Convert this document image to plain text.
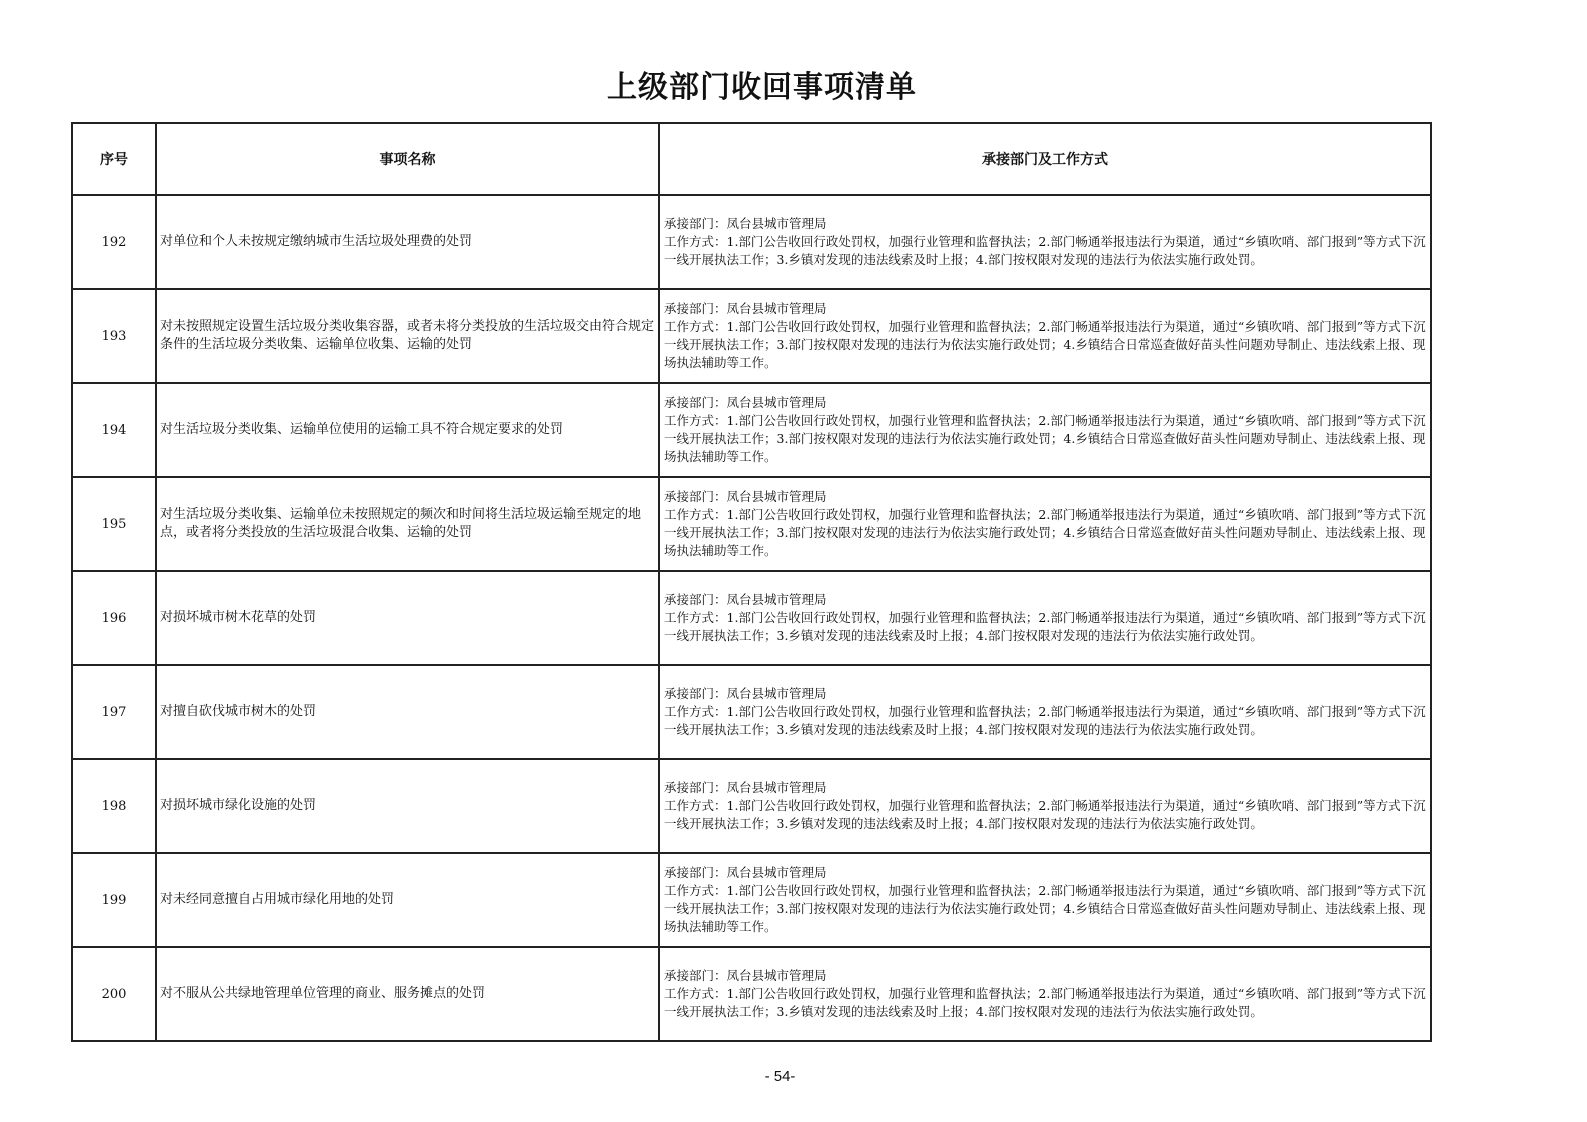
上级部门收回事项清单
序号	事项名称	承接部门及工作方式
192	对单位和个人未按规定缴纳城市生活垃圾处理费的处罚	承接部门：凤台县城市管理局
工作方式：1.部门公告收回行政处罚权，加强行业管理和监督执法；2.部门畅通举报违法行为渠道，通过“乡镇吹哨、部门报到”等方式下沉一线开展执法工作；3.乡镇对发现的违法线索及时上报；4.部门按权限对发现的违法行为依法实施行政处罚。

193	对未按照规定设置生活垃圾分类收集容器，或者未将分类投放的生活垃圾交由符合规定条件的生活垃圾分类收集、运输单位收集、运输的处罚	承接部门：凤台县城市管理局
工作方式：1.部门公告收回行政处罚权，加强行业管理和监督执法；2.部门畅通举报违法行为渠道，通过“乡镇吹哨、部门报到”等方式下沉一线开展执法工作；3.部门按权限对发现的违法行为依法实施行政处罚；4.乡镇结合日常巡查做好苗头性问题劝导制止、违法线索上报、现场执法辅助等工作。

194	对生活垃圾分类收集、运输单位使用的运输工具不符合规定要求的处罚	承接部门：凤台县城市管理局
工作方式：1.部门公告收回行政处罚权，加强行业管理和监督执法；2.部门畅通举报违法行为渠道，通过“乡镇吹哨、部门报到”等方式下沉一线开展执法工作；3.部门按权限对发现的违法行为依法实施行政处罚；4.乡镇结合日常巡查做好苗头性问题劝导制止、违法线索上报、现场执法辅助等工作。

195	对生活垃圾分类收集、运输单位未按照规定的频次和时间将生活垃圾运输至规定的地点，或者将分类投放的生活垃圾混合收集、运输的处罚	承接部门：凤台县城市管理局
工作方式：1.部门公告收回行政处罚权，加强行业管理和监督执法；2.部门畅通举报违法行为渠道，通过“乡镇吹哨、部门报到”等方式下沉一线开展执法工作；3.部门按权限对发现的违法行为依法实施行政处罚；4.乡镇结合日常巡查做好苗头性问题劝导制止、违法线索上报、现场执法辅助等工作。

196	对损坏城市树木花草的处罚	承接部门：凤台县城市管理局
工作方式：1.部门公告收回行政处罚权，加强行业管理和监督执法；2.部门畅通举报违法行为渠道，通过“乡镇吹哨、部门报到”等方式下沉一线开展执法工作；3.乡镇对发现的违法线索及时上报；4.部门按权限对发现的违法行为依法实施行政处罚。

197	对擅自砍伐城市树木的处罚	承接部门：凤台县城市管理局
工作方式：1.部门公告收回行政处罚权，加强行业管理和监督执法；2.部门畅通举报违法行为渠道，通过“乡镇吹哨、部门报到”等方式下沉一线开展执法工作；3.乡镇对发现的违法线索及时上报；4.部门按权限对发现的违法行为依法实施行政处罚。

198	对损坏城市绿化设施的处罚	承接部门：凤台县城市管理局
工作方式：1.部门公告收回行政处罚权，加强行业管理和监督执法；2.部门畅通举报违法行为渠道，通过“乡镇吹哨、部门报到”等方式下沉一线开展执法工作；3.乡镇对发现的违法线索及时上报；4.部门按权限对发现的违法行为依法实施行政处罚。

199	对未经同意擅自占用城市绿化用地的处罚	承接部门：凤台县城市管理局
工作方式：1.部门公告收回行政处罚权，加强行业管理和监督执法；2.部门畅通举报违法行为渠道，通过“乡镇吹哨、部门报到”等方式下沉一线开展执法工作；3.部门按权限对发现的违法行为依法实施行政处罚；4.乡镇结合日常巡查做好苗头性问题劝导制止、违法线索上报、现场执法辅助等工作。

200	对不服从公共绿地管理单位管理的商业、服务摊点的处罚	承接部门：凤台县城市管理局
工作方式：1.部门公告收回行政处罚权，加强行业管理和监督执法；2.部门畅通举报违法行为渠道，通过“乡镇吹哨、部门报到”等方式下沉一线开展执法工作；3.乡镇对发现的违法线索及时上报；4.部门按权限对发现的违法行为依法实施行政处罚。
- 54-
